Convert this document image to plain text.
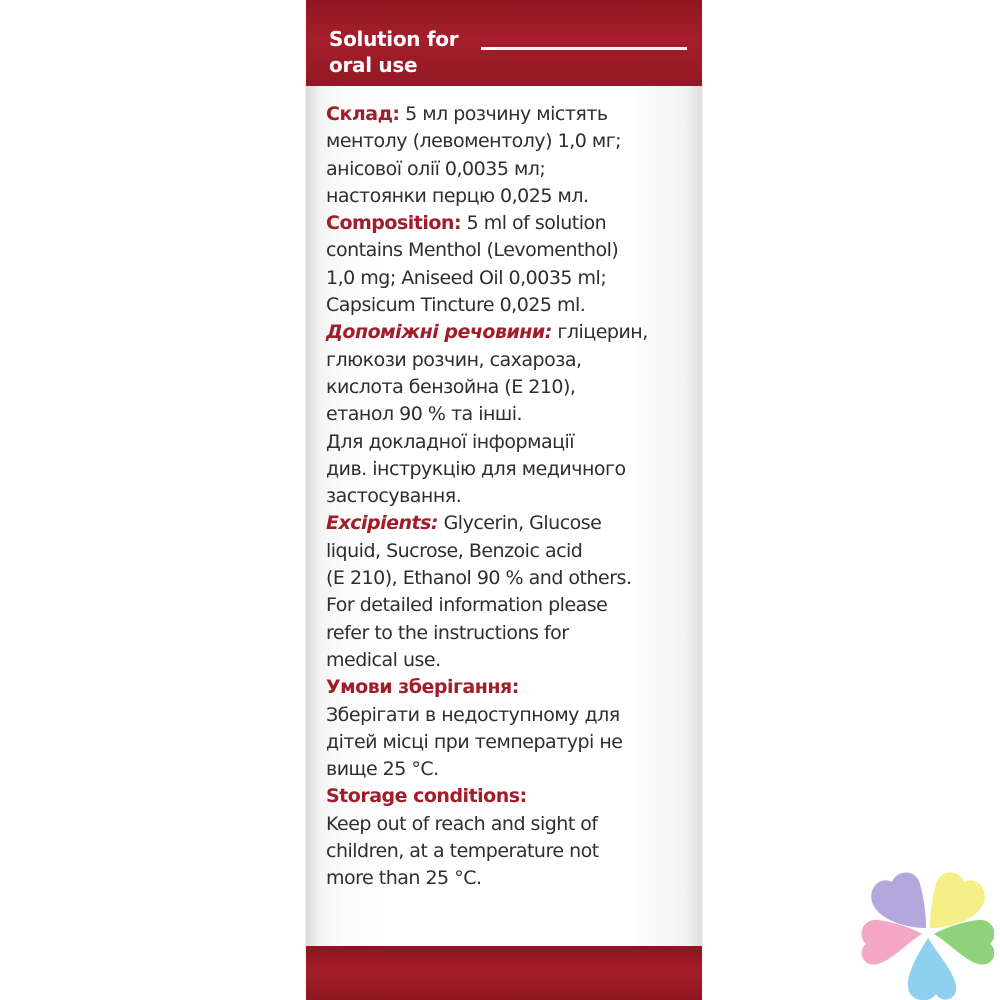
Solution for
oral use

Склад: 5 мл розчину містять
ментолу (левоментолу) 1,0 мг;
анісової олії 0,0035 мл;
настоянки перцю 0,025 мл.

Composition: 5 ml of solution
contains Menthol (Levomenthol)
1,0 mg; Aniseed Oil 0,0035 ml;
Capsicum Tincture 0,025 ml.

Допоміжні речовини: гліцерин,
глюкози розчин, сахароза,
кислота бензойна (Е 210),
етанол 90 % та інші.
Для докладної інформації
див. інструкцію для медичного
застосування.

Excipients: Glycerin, Glucose
liquid, Sucrose, Benzoic acid
(E 210), Ethanol 90 % and others.
For detailed information please
refer to the instructions for
medical use.

Умови зберігання:
Зберігати в недоступному для
дітей місці при температурі не
вище 25 °С.

Storage conditions:
Keep out of reach and sight of
children, at a temperature not
more than 25 °C.
